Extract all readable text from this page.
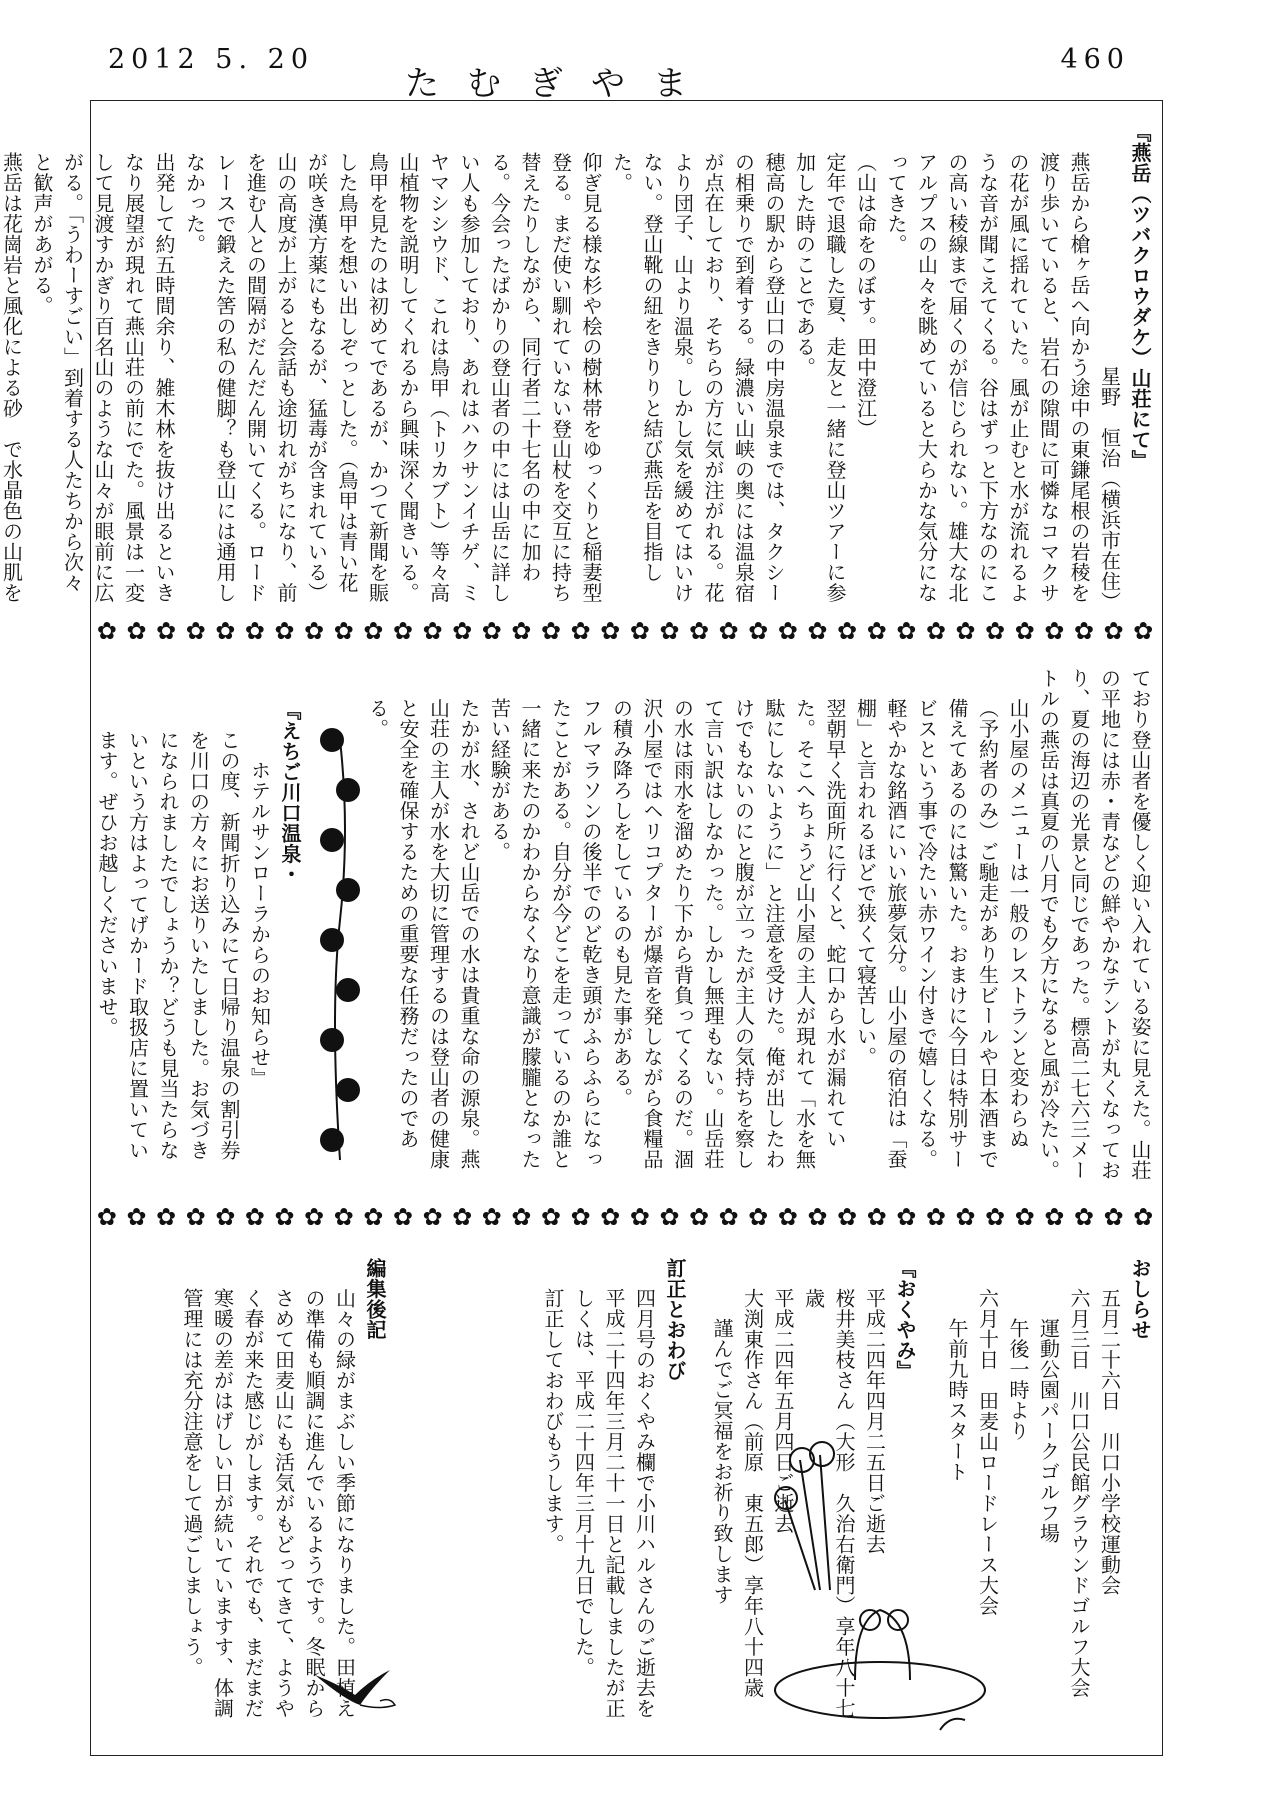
2012 5. 20
たむぎやま
460

『燕岳（ツバクロウダケ）山荘にて』

星野　恒治（横浜市在住）

燕岳から槍ヶ岳へ向かう途中の東鎌尾根の岩稜を渡り歩いていると、岩石の隙間に可憐なコマクサの花が風に揺れていた。風が止むと水が流れるような音が聞こえてくる。谷はずっと下方なのにこの高い稜線まで届くのが信じられない。雄大な北アルプスの山々を眺めていると大らかな気分になってきた。

（山は命をのぼす。田中澄江）

定年で退職した夏、走友と一緒に登山ツアーに参加した時のことである。

穂高の駅から登山口の中房温泉までは、タクシーの相乗りで到着する。緑濃い山峡の奥には温泉宿が点在しており、そちらの方に気が注がれる。花より団子、山より温泉。しかし気を緩めてはいけない。登山靴の紐をきりりと結び燕岳を目指した。

仰ぎ見る様な杉や桧の樹林帯をゆっくりと稲妻型登る。まだ使い馴れていない登山杖を交互に持ち替えたりしながら、同行者二十七名の中に加わる。今会ったばかりの登山者の中には山岳に詳しい人も参加しており、あれはハクサンイチゲ、ミヤマシシウド、これは鳥甲（トリカブト）等々高山植物を説明してくれるから興味深く聞きいる。鳥甲を見たのは初めてであるが、かつて新聞を賑した鳥甲を想い出しぞっとした。（鳥甲は青い花が咲き漢方薬にもなるが、猛毒が含まれている）山の高度が上がると会話も途切れがちになり、前を進む人との間隔がだんだん開いてくる。ロードレースで鍛えた筈の私の健脚？も登山には通用しなかった。

出発して約五時間余り、雑木林を抜け出るといきなり展望が現れて燕山荘の前にでた。風景は一変して見渡すかぎり百名山のような山々が眼前に広がる。「うわーすごい」到着する人たちから次々と歓声があがる。

燕岳は花崗岩と風化による砂　で水晶色の山肌を

✿ ✿ ✿ ✿ ✿ ✿ ✿ ✿ ✿ ✿ ✿ ✿ ✿ ✿ ✿ ✿ ✿ ✿ ✿ ✿ ✿ ✿ ✿ ✿ ✿ ✿ ✿ ✿ ✿ ✿ ✿ ✿ ✿ ✿ ✿ ✿

ており登山者を優しく迎い入れている姿に見えた。山荘の平地には赤・青などの鮮やかなテントが丸くなっており、夏の海辺の光景と同じであった。標高二七六三メートルの燕岳は真夏の八月でも夕方になると風が冷たい。

山小屋のメニューは一般のレストランと変わらぬ（予約者のみ）ご馳走があり生ビールや日本酒まで備えてあるのには驚いた。おまけに今日は特別サービスという事で冷たい赤ワイン付きで嬉しくなる。軽やかな銘酒にいい旅夢気分。山小屋の宿泊は「蚕棚」と言われるほどで狭くて寝苦しい。

翌朝早く洗面所に行くと、蛇口から水が漏れていた。そこへちょうど山小屋の主人が現れて「水を無駄にしないように」と注意を受けた。俺が出したわけでもないのにと腹が立ったが主人の気持ちを察して言い訳はしなかった。しかし無理もない。山岳荘の水は雨水を溜めたり下から背負ってくるのだ。涸沢小屋ではヘリコプターが爆音を発しながら食糧品の積み降ろしをしているのも見た事がある。

フルマラソンの後半でのど乾き頭がふらふらになったことがある。自分が今どこを走っているのか誰と一緒に来たのかわからなくなり意識が朦朧となった苦い経験がある。

たかが水、されど山岳での水は貴重な命の源泉。燕山荘の主人が水を大切に管理するのは登山者の健康と安全を確保するための重要な任務だったのである。

『えちご川口温泉・

ホテルサンローラからのお知らせ』

この度、新聞折り込みにて日帰り温泉の割引券を川口の方々にお送りいたしました。お気づきになられましたでしょうか？どうも見当たらないという方はよってげかード取扱店に置いています。ぜひお越しくださいませ。

✿ ✿ ✿ ✿ ✿ ✿ ✿ ✿ ✿ ✿ ✿ ✿ ✿ ✿ ✿ ✿ ✿ ✿ ✿ ✿ ✿ ✿ ✿ ✿ ✿ ✿ ✿ ✿ ✿ ✿ ✿ ✿ ✿ ✿ ✿ ✿

おしらせ

五月二十六日　川口小学校運動会

六月三日　川口公民館グラウンドゴルフ大会

運動公園パークゴルフ場

午後一時より

六月十日　田麦山ロードレース大会

午前九時スタート

『おくやみ』

平成二四年四月二五日ご逝去

桜井美枝さん（大形　久治右衛門）享年八十七歳

平成二四年五月四日ご逝去

大渕東作さん（前原　東五郎）享年八十四歳

謹んでご冥福をお祈り致します

訂正とおわび

四月号のおくやみ欄で小川ハルさんのご逝去を平成二十四年三月二十一日と記載しましたが正しくは、平成二十四年三月十九日でした。

訂正しておわびもうします。

編集後記

山々の緑がまぶしい季節になりました。田植えの準備も順調に進んでいるようです。冬眠からさめて田麦山にも活気がもどってきて、ようやく春が来た感じがします。それでも、まだまだ寒暖の差がはげしい日が続いていますす、体調管理には充分注意をして過ごしましょう。
